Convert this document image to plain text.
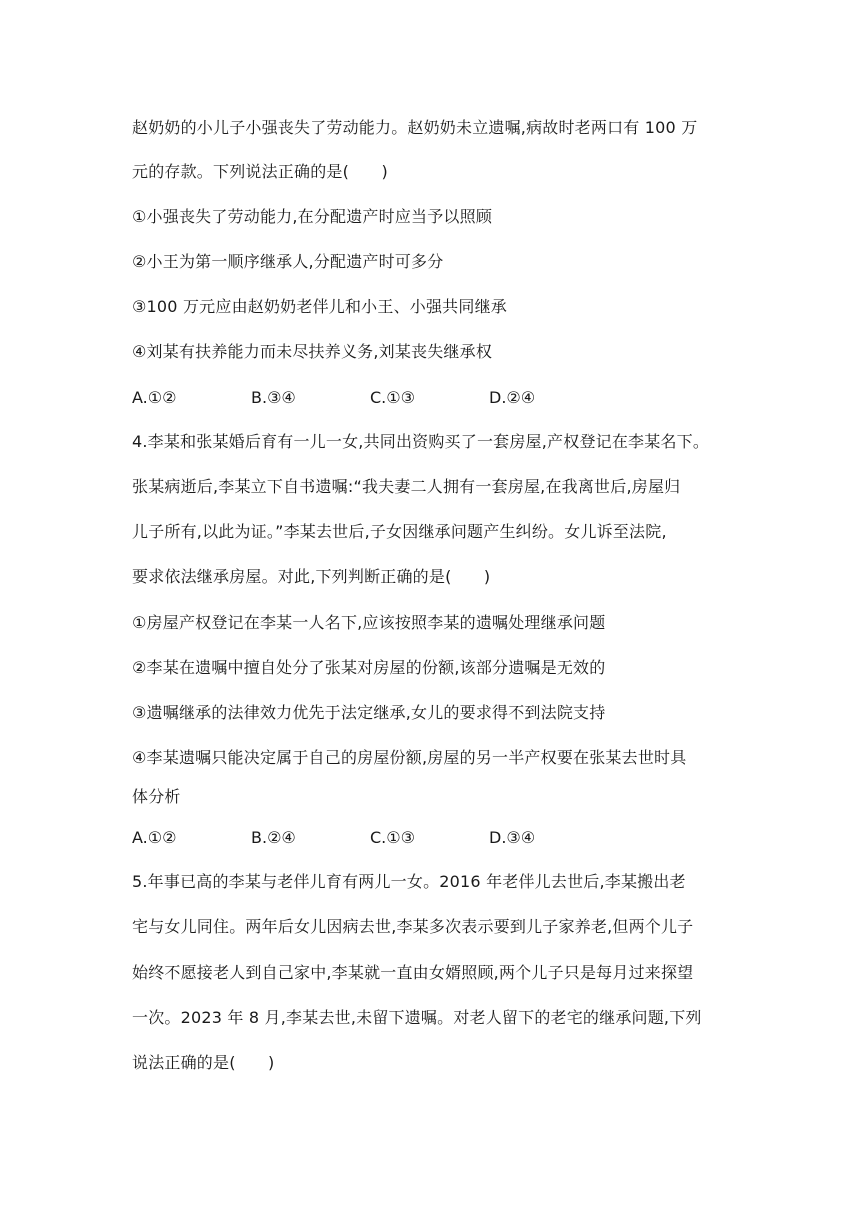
赵奶奶的小儿子小强丧失了劳动能力。赵奶奶未立遗嘱,病故时老两口有 100 万
元的存款。下列说法正确的是(　　)
①小强丧失了劳动能力,在分配遗产时应当予以照顾
②小王为第一顺序继承人,分配遗产时可多分
③100 万元应由赵奶奶老伴儿和小王、小强共同继承
④刘某有扶养能力而未尽扶养义务,刘某丧失继承权
A.①②	B.③④	C.①③	D.②④
4.李某和张某婚后育有一儿一女,共同出资购买了一套房屋,产权登记在李某名下。
张某病逝后,李某立下自书遗嘱:“我夫妻二人拥有一套房屋,在我离世后,房屋归
儿子所有,以此为证。”李某去世后,子女因继承问题产生纠纷。女儿诉至法院,
要求依法继承房屋。对此,下列判断正确的是(　　)
①房屋产权登记在李某一人名下,应该按照李某的遗嘱处理继承问题
②李某在遗嘱中擅自处分了张某对房屋的份额,该部分遗嘱是无效的
③遗嘱继承的法律效力优先于法定继承,女儿的要求得不到法院支持
④李某遗嘱只能决定属于自己的房屋份额,房屋的另一半产权要在张某去世时具
体分析
A.①②	B.②④	C.①③	D.③④
5.年事已高的李某与老伴儿育有两儿一女。2016 年老伴儿去世后,李某搬出老
宅与女儿同住。两年后女儿因病去世,李某多次表示要到儿子家养老,但两个儿子
始终不愿接老人到自己家中,李某就一直由女婿照顾,两个儿子只是每月过来探望
一次。2023 年 8 月,李某去世,未留下遗嘱。对老人留下的老宅的继承问题,下列
说法正确的是(　　)
